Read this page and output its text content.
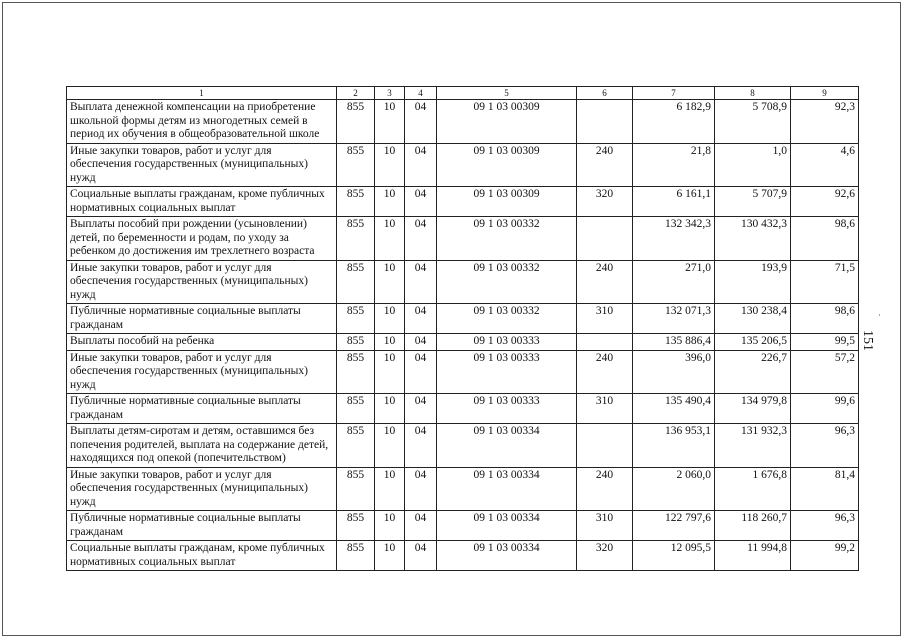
1	2	3	4	5	6	7	8	9
Выплата денежной компенсации на приобретение школьной формы детям из многодетных семей в период их обучения в общеобразовательной школе	855	10	04	09 1 03 00309		6 182,9	5 708,9	92,3
Иные закупки товаров, работ и услуг для обеспечения государственных (муниципальных) нужд	855	10	04	09 1 03 00309	240	21,8	1,0	4,6
Социальные выплаты гражданам, кроме публичных нормативных социальных выплат	855	10	04	09 1 03 00309	320	6 161,1	5 707,9	92,6
Выплаты пособий при рождении (усыновлении) детей, по беременности и родам, по уходу за ребенком до достижения им трехлетнего возраста	855	10	04	09 1 03 00332		132 342,3	130 432,3	98,6
Иные закупки товаров, работ и услуг для обеспечения государственных (муниципальных) нужд	855	10	04	09 1 03 00332	240	271,0	193,9	71,5
Публичные нормативные социальные выплаты гражданам	855	10	04	09 1 03 00332	310	132 071,3	130 238,4	98,6
Выплаты пособий на ребенка	855	10	04	09 1 03 00333		135 886,4	135 206,5	99,5
Иные закупки товаров, работ и услуг для обеспечения государственных (муниципальных) нужд	855	10	04	09 1 03 00333	240	396,0	226,7	57,2
Публичные нормативные социальные выплаты гражданам	855	10	04	09 1 03 00333	310	135 490,4	134 979,8	99,6
Выплаты детям-сиротам и детям, оставшимся без попечения родителей, выплата на содержание детей, находящихся под опекой (попечительством)	855	10	04	09 1 03 00334		136 953,1	131 932,3	96,3
Иные закупки товаров, работ и услуг для обеспечения государственных (муниципальных) нужд	855	10	04	09 1 03 00334	240	2 060,0	1 676,8	81,4
Публичные нормативные социальные выплаты гражданам	855	10	04	09 1 03 00334	310	122 797,6	118 260,7	96,3
Социальные выплаты гражданам, кроме публичных нормативных социальных выплат	855	10	04	09 1 03 00334	320	12 095,5	11 994,8	99,2
·
151
